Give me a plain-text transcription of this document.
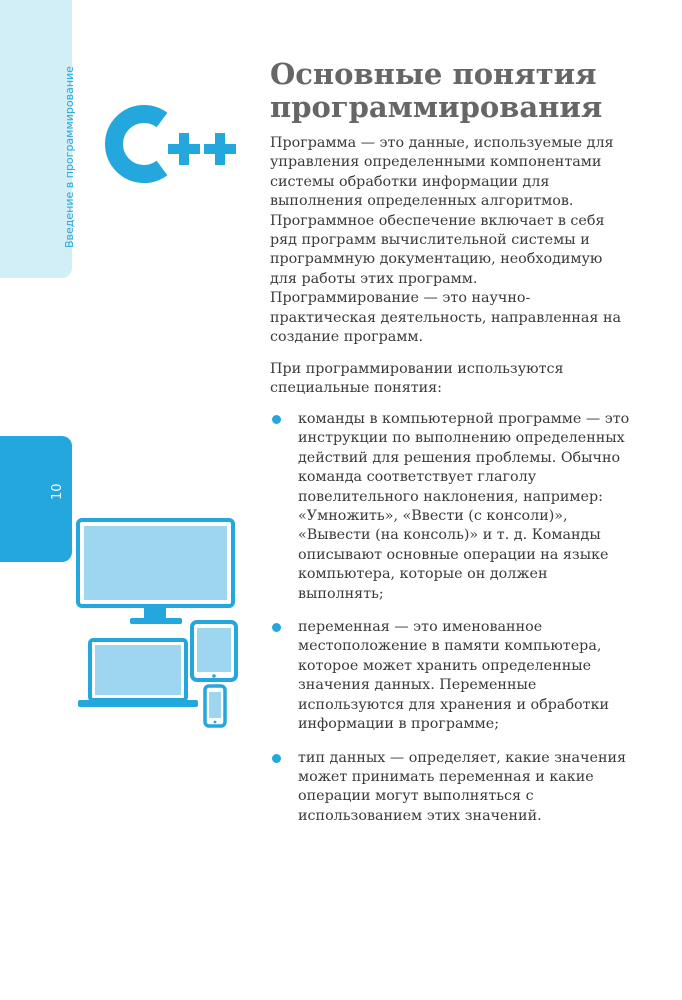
Введение в программирование
10
Основные понятия программирования

Программа — это данные, используемые для управления определенными компонентами системы обработки информации для выполнения определенных алгоритмов. Программное обеспечение включает в себя ряд программ вычислительной системы и программную документацию, необходимую для работы этих программ. Программирование — это научно-практическая деятельность, направленная на создание программ.

При программировании используются специальные понятия:

команды в компьютерной программе — это инструкции по выполнению определенных действий для решения проблемы. Обычно команда соответствует глаголу повелительного наклонения, например: «Умножить», «Ввести (с консоли)», «Вывести (на консоль)» и т. д. Команды описывают основные операции на языке компьютера, которые он должен выполнять;
переменная — это именованное местоположение в памяти компьютера, которое может хранить определенные значения данных. Переменные используются для хранения и обработки информации в программе;
тип данных — определяет, какие значения может принимать переменная и какие операции могут выполняться с использованием этих значений.
